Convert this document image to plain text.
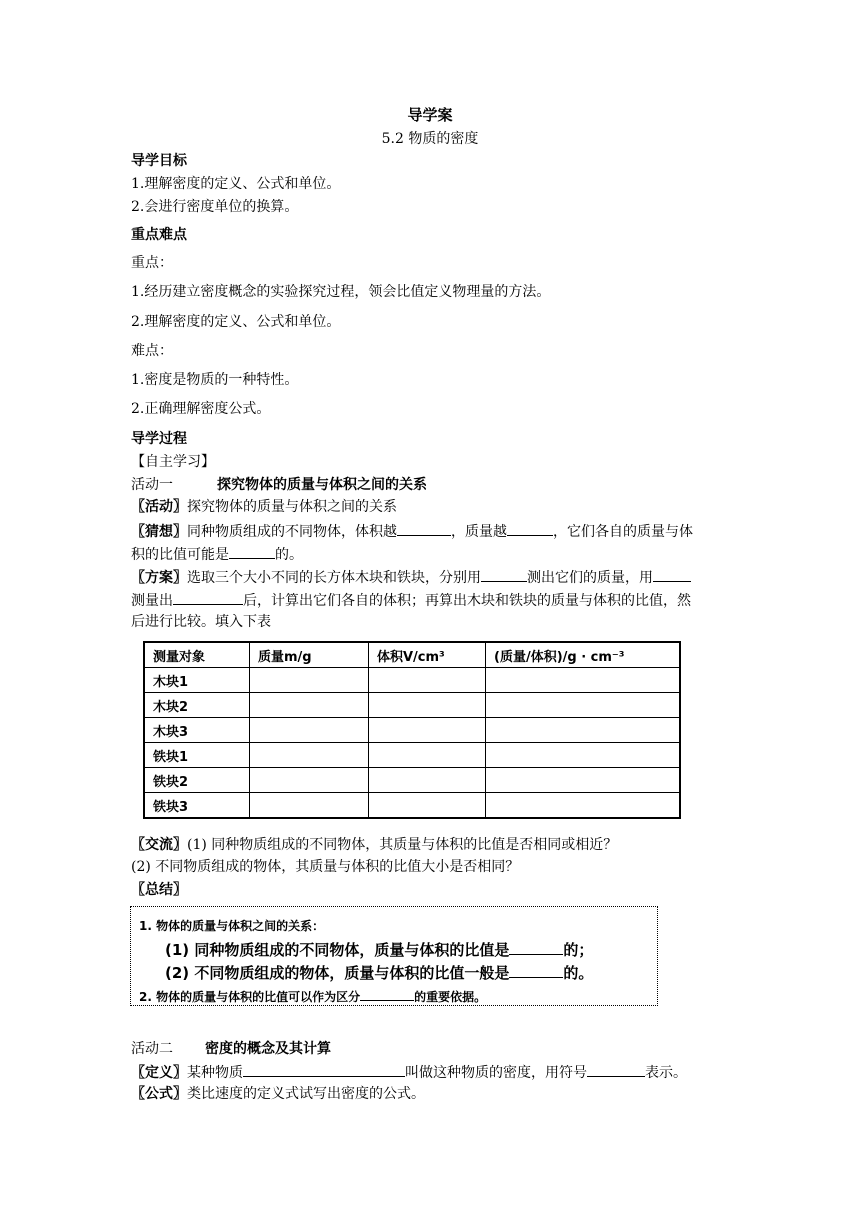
导学案
5.2 物质的密度
导学目标
1.理解密度的定义、公式和单位。
2.会进行密度单位的换算。
重点难点
重点：
1.经历建立密度概念的实验探究过程，领会比值定义物理量的方法。
2.理解密度的定义、公式和单位。
难点：
1.密度是物质的一种特性。
2.正确理解密度公式。
导学过程
【自主学习】
活动一	探究物体的质量与体积之间的关系
〖活动〗探究物体的质量与体积之间的关系
〖猜想〗同种物质组成的不同物体，体积越	，质量越	，它们各自的质量与体
积的比值可能是	的。
〖方案〗选取三个大小不同的长方体木块和铁块，分别用	测出它们的质量，用
测量出	后，计算出它们各自的体积；再算出木块和铁块的质量与体积的比值，然
后进行比较。填入下表
测量对象	质量m/g	体积V/cm³	(质量/体积)/g · cm⁻³
木块1			
木块2			
木块3			
铁块1			
铁块2			
铁块3			
〖交流〗(1) 同种物质组成的不同物体，其质量与体积的比值是否相同或相近？
(2) 不同物质组成的物体，其质量与体积的比值大小是否相同？
〖总结〗
1. 物体的质量与体积之间的关系：
(1) 同种物质组成的不同物体，质量与体积的比值是	的；
(2) 不同物质组成的物体，质量与体积的比值一般是	的。
2. 物体的质量与体积的比值可以作为区分	的重要依据。
活动二 密度的概念及其计算
〖定义〗某种物质	叫做这种物质的密度，用符号	表示。
〖公式〗类比速度的定义式试写出密度的公式。
